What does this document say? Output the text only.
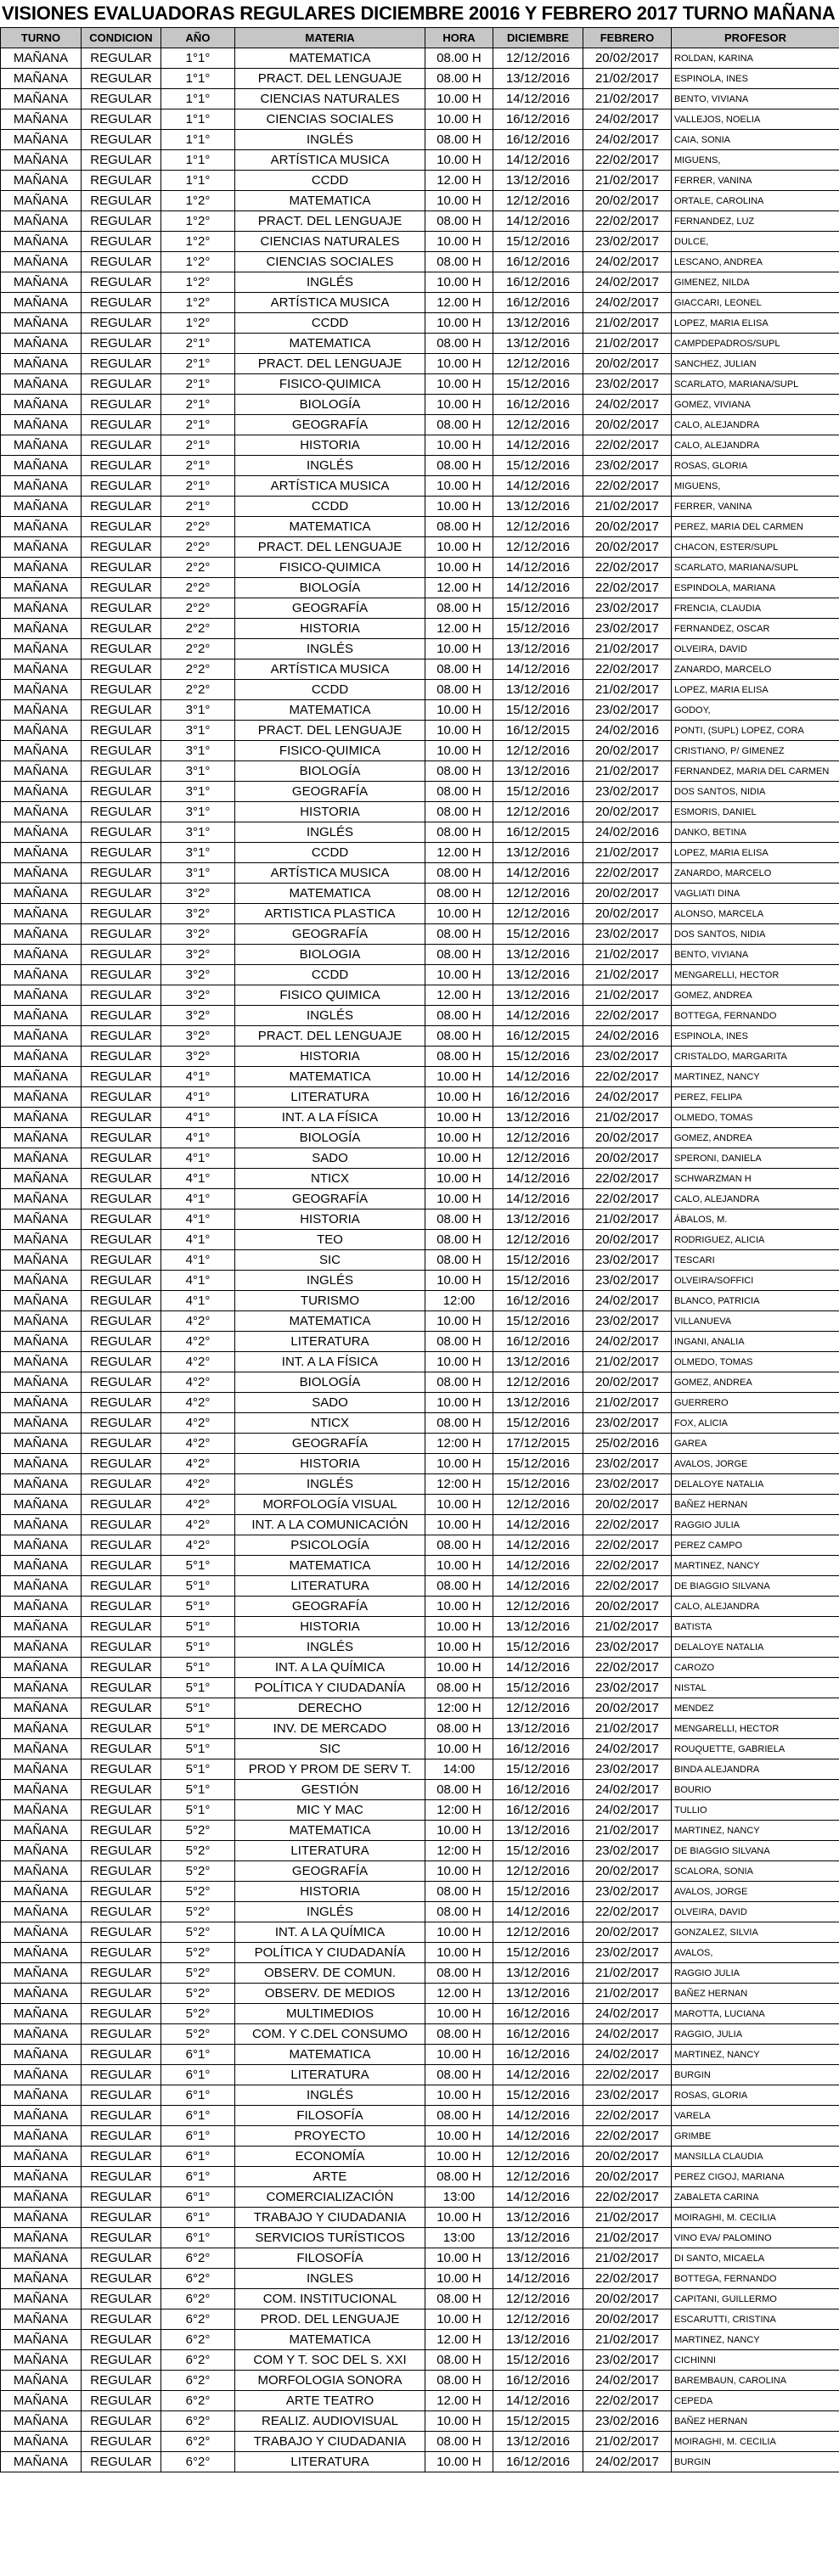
VISIONES EVALUADORAS REGULARES DICIEMBRE 20016 Y FEBRERO 2017 TURNO MAÑANA
TURNO	CONDICION	AÑO	MATERIA	HORA	DICIEMBRE	FEBRERO	PROFESOR
MAÑANA	REGULAR	1°1°	MATEMATICA	08.00 H	12/12/2016	20/02/2017	ROLDAN, KARINA
MAÑANA	REGULAR	1°1°	PRACT. DEL LENGUAJE	08.00 H	13/12/2016	21/02/2017	ESPINOLA, INES
MAÑANA	REGULAR	1°1°	CIENCIAS NATURALES	10.00 H	14/12/2016	21/02/2017	BENTO, VIVIANA
MAÑANA	REGULAR	1°1°	CIENCIAS SOCIALES	10.00 H	16/12/2016	24/02/2017	VALLEJOS, NOELIA
MAÑANA	REGULAR	1°1°	INGLÉS	08.00 H	16/12/2016	24/02/2017	CAIA, SONIA
MAÑANA	REGULAR	1°1°	ARTÍSTICA MUSICA	10.00 H	14/12/2016	22/02/2017	MIGUENS,
MAÑANA	REGULAR	1°1°	CCDD	12.00 H	13/12/2016	21/02/2017	FERRER, VANINA
MAÑANA	REGULAR	1°2°	MATEMATICA	10.00 H	12/12/2016	20/02/2017	ORTALE, CAROLINA
MAÑANA	REGULAR	1°2°	PRACT. DEL LENGUAJE	08.00 H	14/12/2016	22/02/2017	FERNANDEZ, LUZ
MAÑANA	REGULAR	1°2°	CIENCIAS NATURALES	10.00 H	15/12/2016	23/02/2017	DULCE,
MAÑANA	REGULAR	1°2°	CIENCIAS SOCIALES	08.00 H	16/12/2016	24/02/2017	LESCANO, ANDREA
MAÑANA	REGULAR	1°2°	INGLÉS	10.00 H	16/12/2016	24/02/2017	GIMENEZ, NILDA
MAÑANA	REGULAR	1°2°	ARTÍSTICA MUSICA	12.00 H	16/12/2016	24/02/2017	GIACCARI, LEONEL
MAÑANA	REGULAR	1°2°	CCDD	10.00 H	13/12/2016	21/02/2017	LOPEZ, MARIA ELISA
MAÑANA	REGULAR	2°1°	MATEMATICA	08.00 H	13/12/2016	21/02/2017	CAMPDEPADROS/SUPL
MAÑANA	REGULAR	2°1°	PRACT. DEL LENGUAJE	10.00 H	12/12/2016	20/02/2017	SANCHEZ, JULIAN
MAÑANA	REGULAR	2°1°	FISICO-QUIMICA	10.00 H	15/12/2016	23/02/2017	SCARLATO, MARIANA/SUPL
MAÑANA	REGULAR	2°1°	BIOLOGÍA	10.00 H	16/12/2016	24/02/2017	GOMEZ, VIVIANA
MAÑANA	REGULAR	2°1°	GEOGRAFÍA	08.00 H	12/12/2016	20/02/2017	CALO, ALEJANDRA
MAÑANA	REGULAR	2°1°	HISTORIA	10.00 H	14/12/2016	22/02/2017	CALO, ALEJANDRA
MAÑANA	REGULAR	2°1°	INGLÉS	08.00 H	15/12/2016	23/02/2017	ROSAS, GLORIA
MAÑANA	REGULAR	2°1°	ARTÍSTICA MUSICA	10.00 H	14/12/2016	22/02/2017	MIGUENS,
MAÑANA	REGULAR	2°1°	CCDD	10.00 H	13/12/2016	21/02/2017	FERRER, VANINA
MAÑANA	REGULAR	2°2°	MATEMATICA	08.00 H	12/12/2016	20/02/2017	PEREZ, MARIA DEL CARMEN
MAÑANA	REGULAR	2°2°	PRACT. DEL LENGUAJE	10.00 H	12/12/2016	20/02/2017	CHACON, ESTER/SUPL
MAÑANA	REGULAR	2°2°	FISICO-QUIMICA	10.00 H	14/12/2016	22/02/2017	SCARLATO, MARIANA/SUPL
MAÑANA	REGULAR	2°2°	BIOLOGÍA	12.00 H	14/12/2016	22/02/2017	ESPINDOLA, MARIANA
MAÑANA	REGULAR	2°2°	GEOGRAFÍA	08.00 H	15/12/2016	23/02/2017	FRENCIA, CLAUDIA
MAÑANA	REGULAR	2°2°	HISTORIA	12.00 H	15/12/2016	23/02/2017	FERNANDEZ, OSCAR
MAÑANA	REGULAR	2°2°	INGLÉS	10.00 H	13/12/2016	21/02/2017	OLVEIRA, DAVID
MAÑANA	REGULAR	2°2°	ARTÍSTICA MUSICA	08.00 H	14/12/2016	22/02/2017	ZANARDO, MARCELO
MAÑANA	REGULAR	2°2°	CCDD	08.00 H	13/12/2016	21/02/2017	LOPEZ, MARIA ELISA
MAÑANA	REGULAR	3°1°	MATEMATICA	10.00 H	15/12/2016	23/02/2017	GODOY,
MAÑANA	REGULAR	3°1°	PRACT. DEL LENGUAJE	10.00 H	16/12/2015	24/02/2016	PONTI, (SUPL) LOPEZ, CORA
MAÑANA	REGULAR	3°1°	FISICO-QUIMICA	10.00 H	12/12/2016	20/02/2017	CRISTIANO, P/ GIMENEZ
MAÑANA	REGULAR	3°1°	BIOLOGÍA	08.00 H	13/12/2016	21/02/2017	FERNANDEZ, MARIA DEL CARMEN
MAÑANA	REGULAR	3°1°	GEOGRAFÍA	08.00 H	15/12/2016	23/02/2017	DOS SANTOS, NIDIA
MAÑANA	REGULAR	3°1°	HISTORIA	08.00 H	12/12/2016	20/02/2017	ESMORIS, DANIEL
MAÑANA	REGULAR	3°1°	INGLÉS	08.00 H	16/12/2015	24/02/2016	DANKO, BETINA
MAÑANA	REGULAR	3°1°	CCDD	12.00 H	13/12/2016	21/02/2017	LOPEZ, MARIA ELISA
MAÑANA	REGULAR	3°1°	ARTÍSTICA MUSICA	08.00 H	14/12/2016	22/02/2017	ZANARDO, MARCELO
MAÑANA	REGULAR	3°2°	MATEMATICA	08.00 H	12/12/2016	20/02/2017	VAGLIATI DINA
MAÑANA	REGULAR	3°2°	ARTISTICA PLASTICA	10.00 H	12/12/2016	20/02/2017	ALONSO, MARCELA
MAÑANA	REGULAR	3°2°	GEOGRAFÍA	08.00 H	15/12/2016	23/02/2017	DOS SANTOS, NIDIA
MAÑANA	REGULAR	3°2°	BIOLOGIA	08.00 H	13/12/2016	21/02/2017	BENTO, VIVIANA
MAÑANA	REGULAR	3°2°	CCDD	10.00 H	13/12/2016	21/02/2017	MENGARELLI, HECTOR
MAÑANA	REGULAR	3°2°	FISICO QUIMICA	12.00 H	13/12/2016	21/02/2017	GOMEZ, ANDREA
MAÑANA	REGULAR	3°2°	INGLÉS	08.00 H	14/12/2016	22/02/2017	BOTTEGA, FERNANDO
MAÑANA	REGULAR	3°2°	PRACT. DEL LENGUAJE	08.00 H	16/12/2015	24/02/2016	ESPINOLA, INES
MAÑANA	REGULAR	3°2°	HISTORIA	08.00 H	15/12/2016	23/02/2017	CRISTALDO, MARGARITA
MAÑANA	REGULAR	4°1°	MATEMATICA	10.00 H	14/12/2016	22/02/2017	MARTINEZ, NANCY
MAÑANA	REGULAR	4°1°	LITERATURA	10.00 H	16/12/2016	24/02/2017	PEREZ, FELIPA
MAÑANA	REGULAR	4°1°	INT. A LA FÍSICA	10.00 H	13/12/2016	21/02/2017	OLMEDO, TOMAS
MAÑANA	REGULAR	4°1°	BIOLOGÍA	10.00 H	12/12/2016	20/02/2017	GOMEZ, ANDREA
MAÑANA	REGULAR	4°1°	SADO	10.00 H	12/12/2016	20/02/2017	SPERONI, DANIELA
MAÑANA	REGULAR	4°1°	NTICX	10.00 H	14/12/2016	22/02/2017	SCHWARZMAN H
MAÑANA	REGULAR	4°1°	GEOGRAFÍA	10.00 H	14/12/2016	22/02/2017	CALO, ALEJANDRA
MAÑANA	REGULAR	4°1°	HISTORIA	08.00 H	13/12/2016	21/02/2017	ÁBALOS, M.
MAÑANA	REGULAR	4°1°	TEO	08.00 H	12/12/2016	20/02/2017	RODRIGUEZ, ALICIA
MAÑANA	REGULAR	4°1°	SIC	08.00 H	15/12/2016	23/02/2017	TESCARI
MAÑANA	REGULAR	4°1°	INGLÉS	10.00 H	15/12/2016	23/02/2017	OLVEIRA/SOFFICI
MAÑANA	REGULAR	4°1°	TURISMO	12:00	16/12/2016	24/02/2017	BLANCO, PATRICIA
MAÑANA	REGULAR	4°2°	MATEMATICA	10.00 H	15/12/2016	23/02/2017	VILLANUEVA
MAÑANA	REGULAR	4°2°	LITERATURA	08.00 H	16/12/2016	24/02/2017	INGANI, ANALIA
MAÑANA	REGULAR	4°2°	INT. A LA FÍSICA	10.00 H	13/12/2016	21/02/2017	OLMEDO, TOMAS
MAÑANA	REGULAR	4°2°	BIOLOGÍA	08.00 H	12/12/2016	20/02/2017	GOMEZ, ANDREA
MAÑANA	REGULAR	4°2°	SADO	10.00 H	13/12/2016	21/02/2017	GUERRERO
MAÑANA	REGULAR	4°2°	NTICX	08.00 H	15/12/2016	23/02/2017	FOX, ALICIA
MAÑANA	REGULAR	4°2°	GEOGRAFÍA	12:00 H	17/12/2015	25/02/2016	GAREA
MAÑANA	REGULAR	4°2°	HISTORIA	10.00 H	15/12/2016	23/02/2017	AVALOS, JORGE
MAÑANA	REGULAR	4°2°	INGLÉS	12:00 H	15/12/2016	23/02/2017	DELALOYE NATALIA
MAÑANA	REGULAR	4°2°	MORFOLOGÍA VISUAL	10.00 H	12/12/2016	20/02/2017	BAÑEZ HERNAN
MAÑANA	REGULAR	4°2°	INT. A LA COMUNICACIÓN	10.00 H	14/12/2016	22/02/2017	RAGGIO JULIA
MAÑANA	REGULAR	4°2°	PSICOLOGÍA	08.00 H	14/12/2016	22/02/2017	PEREZ CAMPO
MAÑANA	REGULAR	5°1°	MATEMATICA	10.00 H	14/12/2016	22/02/2017	MARTINEZ, NANCY
MAÑANA	REGULAR	5°1°	LITERATURA	08.00 H	14/12/2016	22/02/2017	DE BIAGGIO SILVANA
MAÑANA	REGULAR	5°1°	GEOGRAFÍA	10.00 H	12/12/2016	20/02/2017	CALO, ALEJANDRA
MAÑANA	REGULAR	5°1°	HISTORIA	10.00 H	13/12/2016	21/02/2017	BATISTA
MAÑANA	REGULAR	5°1°	INGLÉS	10.00 H	15/12/2016	23/02/2017	DELALOYE NATALIA
MAÑANA	REGULAR	5°1°	INT. A LA QUÍMICA	10.00 H	14/12/2016	22/02/2017	CAROZO
MAÑANA	REGULAR	5°1°	POLÍTICA Y CIUDADANÍA	08.00 H	15/12/2016	23/02/2017	NISTAL
MAÑANA	REGULAR	5°1°	DERECHO	12:00 H	12/12/2016	20/02/2017	MENDEZ
MAÑANA	REGULAR	5°1°	INV. DE MERCADO	08.00 H	13/12/2016	21/02/2017	MENGARELLI, HECTOR
MAÑANA	REGULAR	5°1°	SIC	10.00 H	16/12/2016	24/02/2017	ROUQUETTE, GABRIELA
MAÑANA	REGULAR	5°1°	PROD Y PROM DE SERV T.	14:00	15/12/2016	23/02/2017	BINDA ALEJANDRA
MAÑANA	REGULAR	5°1°	GESTIÓN	08.00 H	16/12/2016	24/02/2017	BOURIO
MAÑANA	REGULAR	5°1°	MIC Y MAC	12:00 H	16/12/2016	24/02/2017	TULLIO
MAÑANA	REGULAR	5°2°	MATEMATICA	10.00 H	13/12/2016	21/02/2017	MARTINEZ, NANCY
MAÑANA	REGULAR	5°2°	LITERATURA	12:00 H	15/12/2016	23/02/2017	DE BIAGGIO SILVANA
MAÑANA	REGULAR	5°2°	GEOGRAFÍA	10.00 H	12/12/2016	20/02/2017	SCALORA, SONIA
MAÑANA	REGULAR	5°2°	HISTORIA	08.00 H	15/12/2016	23/02/2017	AVALOS, JORGE
MAÑANA	REGULAR	5°2°	INGLÉS	08.00 H	14/12/2016	22/02/2017	OLVEIRA, DAVID
MAÑANA	REGULAR	5°2°	INT. A LA QUÍMICA	10.00 H	12/12/2016	20/02/2017	GONZALEZ, SILVIA
MAÑANA	REGULAR	5°2°	POLÍTICA Y CIUDADANÍA	10.00 H	15/12/2016	23/02/2017	AVALOS,
MAÑANA	REGULAR	5°2°	OBSERV. DE COMUN.	08.00 H	13/12/2016	21/02/2017	RAGGIO JULIA
MAÑANA	REGULAR	5°2°	OBSERV. DE MEDIOS	12.00 H	13/12/2016	21/02/2017	BAÑEZ HERNAN
MAÑANA	REGULAR	5°2°	MULTIMEDIOS	10.00 H	16/12/2016	24/02/2017	MAROTTA, LUCIANA
MAÑANA	REGULAR	5°2°	COM. Y C.DEL CONSUMO	08.00 H	16/12/2016	24/02/2017	RAGGIO, JULIA
MAÑANA	REGULAR	6°1°	MATEMATICA	10.00 H	16/12/2016	24/02/2017	MARTINEZ, NANCY
MAÑANA	REGULAR	6°1°	LITERATURA	08.00 H	14/12/2016	22/02/2017	BURGIN
MAÑANA	REGULAR	6°1°	INGLÉS	10.00 H	15/12/2016	23/02/2017	ROSAS, GLORIA
MAÑANA	REGULAR	6°1°	FILOSOFÍA	08.00 H	14/12/2016	22/02/2017	VARELA
MAÑANA	REGULAR	6°1°	PROYECTO	10.00 H	14/12/2016	22/02/2017	GRIMBE
MAÑANA	REGULAR	6°1°	ECONOMÍA	10.00 H	12/12/2016	20/02/2017	MANSILLA CLAUDIA
MAÑANA	REGULAR	6°1°	ARTE	08.00 H	12/12/2016	20/02/2017	PEREZ CIGOJ, MARIANA
MAÑANA	REGULAR	6°1°	COMERCIALIZACIÓN	13:00	14/12/2016	22/02/2017	ZABALETA CARINA
MAÑANA	REGULAR	6°1°	TRABAJO Y CIUDADANIA	10.00 H	13/12/2016	21/02/2017	MOIRAGHI, M. CECILIA
MAÑANA	REGULAR	6°1°	SERVICIOS TURÍSTICOS	13:00	13/12/2016	21/02/2017	VINO EVA/ PALOMINO
MAÑANA	REGULAR	6°2°	FILOSOFÍA	10.00 H	13/12/2016	21/02/2017	DI SANTO, MICAELA
MAÑANA	REGULAR	6°2°	INGLES	10.00 H	14/12/2016	22/02/2017	BOTTEGA, FERNANDO
MAÑANA	REGULAR	6°2°	COM. INSTITUCIONAL	08.00 H	12/12/2016	20/02/2017	CAPITANI, GUILLERMO
MAÑANA	REGULAR	6°2°	PROD. DEL LENGUAJE	10.00 H	12/12/2016	20/02/2017	ESCARUTTI, CRISTINA
MAÑANA	REGULAR	6°2°	MATEMATICA	12.00 H	13/12/2016	21/02/2017	MARTINEZ, NANCY
MAÑANA	REGULAR	6°2°	COM Y T. SOC DEL S. XXI	08.00 H	15/12/2016	23/02/2017	CICHINNI
MAÑANA	REGULAR	6°2°	MORFOLOGIA SONORA	08.00 H	16/12/2016	24/02/2017	BAREMBAUN, CAROLINA
MAÑANA	REGULAR	6°2°	ARTE TEATRO	12.00 H	14/12/2016	22/02/2017	CEPEDA
MAÑANA	REGULAR	6°2°	REALIZ. AUDIOVISUAL	10.00 H	15/12/2015	23/02/2016	BAÑEZ HERNAN
MAÑANA	REGULAR	6°2°	TRABAJO Y CIUDADANIA	08.00 H	13/12/2016	21/02/2017	MOIRAGHI, M. CECILIA
MAÑANA	REGULAR	6°2°	LITERATURA	10.00 H	16/12/2016	24/02/2017	BURGIN
